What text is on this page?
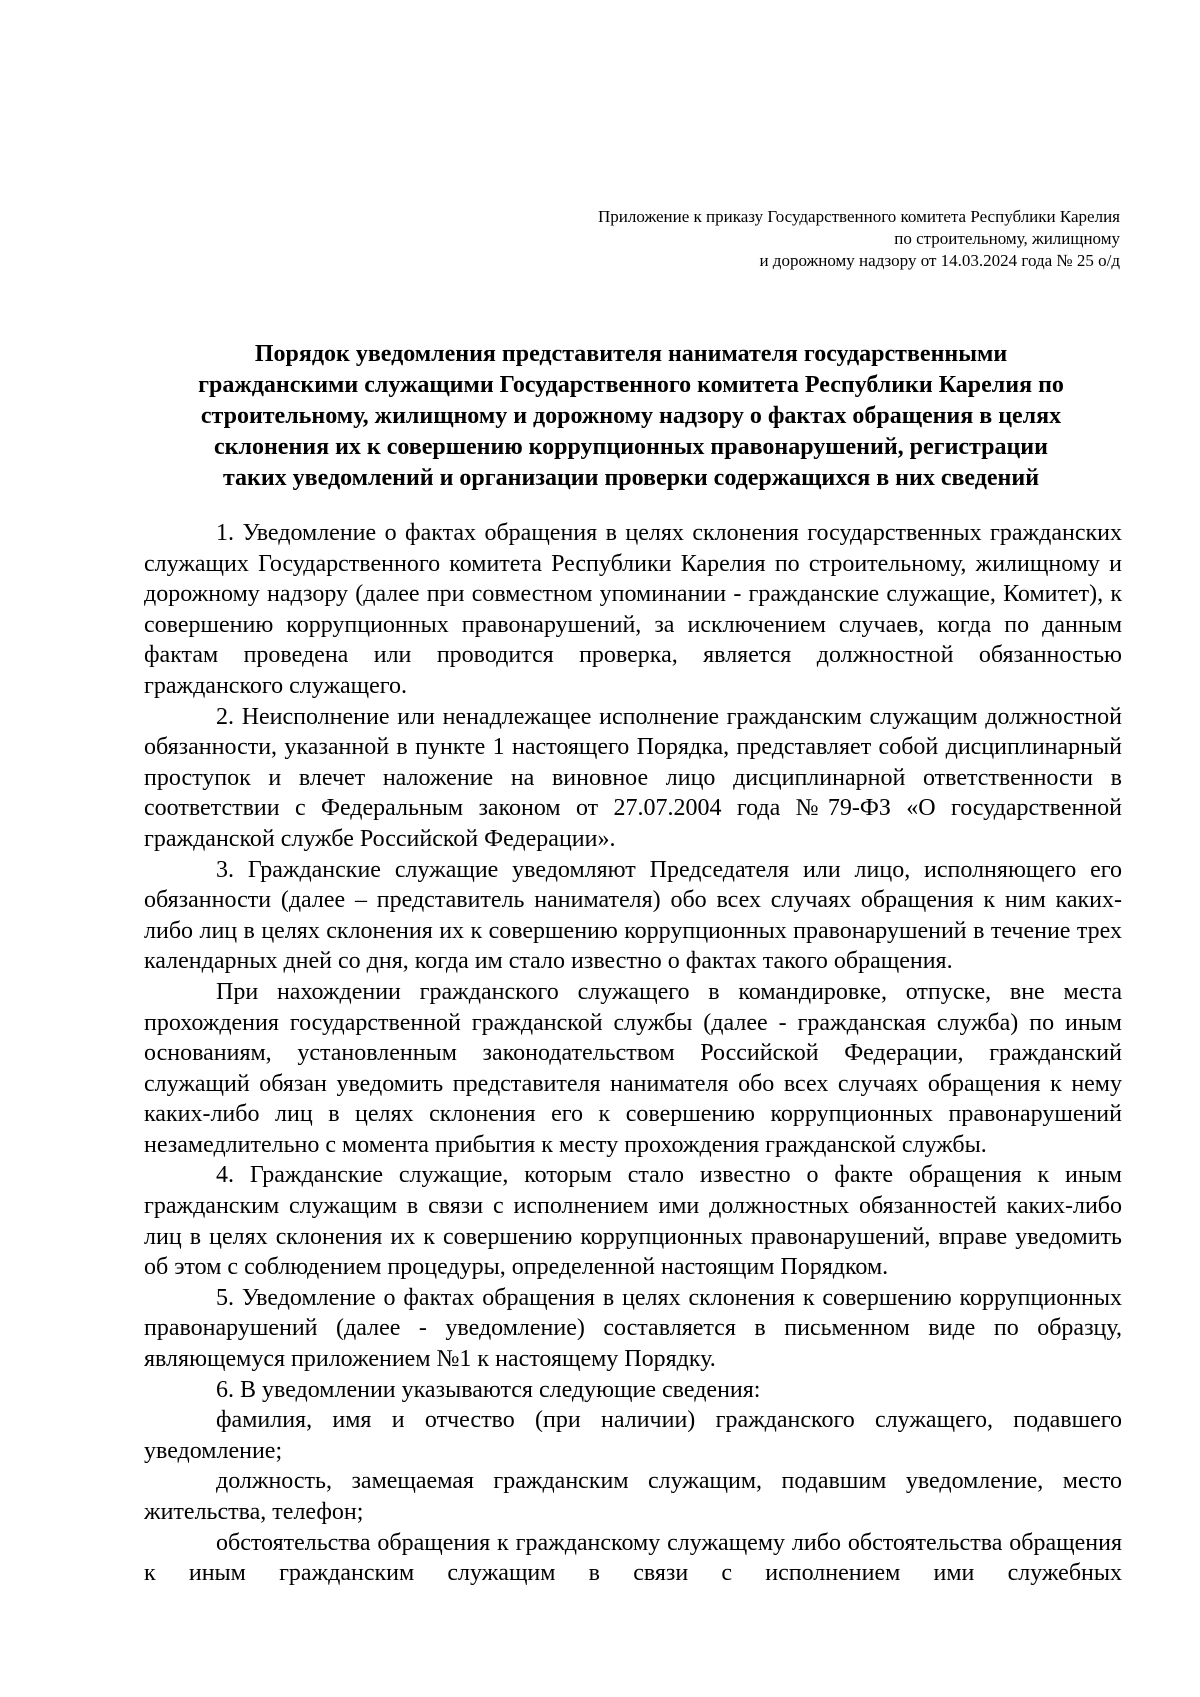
Приложение к приказу Государственного комитета Республики Карелия
по строительному, жилищному
и дорожному надзору от 14.03.2024 года № 25 о/д
Порядок уведомления представителя нанимателя государственными
гражданскими служащими Государственного комитета Республики Карелия по
строительному, жилищному и дорожному надзору о фактах обращения в целях
склонения их к совершению коррупционных правонарушений, регистрации
таких уведомлений и организации проверки содержащихся в них сведений

1. Уведомление о фактах обращения в целях склонения государственных гражданских служащих Государственного комитета Республики Карелия по строительному, жилищному и дорожному надзору (далее при совместном упоминании - гражданские служащие, Комитет), к совершению коррупционных правонарушений, за исключением случаев, когда по данным фактам проведена или проводится проверка, является должностной обязанностью гражданского служащего.

2. Неисполнение или ненадлежащее исполнение гражданским служащим должностной обязанности, указанной в пункте 1 настоящего Порядка, представляет собой дисциплинарный проступок и влечет наложение на виновное лицо дисциплинарной ответственности в соответствии с Федеральным законом от 27.07.2004 года №79-ФЗ «О государственной гражданской службе Российской Федерации».

3. Гражданские служащие уведомляют Председателя или лицо, исполняющего его обязанности (далее – представитель нанимателя) обо всех случаях обращения к ним каких-либо лиц в целях склонения их к совершению коррупционных правонарушений в течение трех календарных дней со дня, когда им стало известно о фактах такого обращения.

При нахождении гражданского служащего в командировке, отпуске, вне места прохождения государственной гражданской службы (далее - гражданская служба) по иным основаниям, установленным законодательством Российской Федерации, гражданский служащий обязан уведомить представителя нанимателя обо всех случаях обращения к нему каких-либо лиц в целях склонения его к совершению коррупционных правонарушений незамедлительно с момента прибытия к месту прохождения гражданской службы.

4. Гражданские служащие, которым стало известно о факте обращения к иным гражданским служащим в связи с исполнением ими должностных обязанностей каких-либо лиц в целях склонения их к совершению коррупционных правонарушений, вправе уведомить об этом с соблюдением процедуры, определенной настоящим Порядком.

5. Уведомление о фактах обращения в целях склонения к совершению коррупционных правонарушений (далее - уведомление) составляется в письменном виде по образцу, являющемуся приложением №1 к настоящему Порядку.

6. В уведомлении указываются следующие сведения:

фамилия, имя и отчество (при наличии) гражданского служащего, подавшего уведомление;

должность, замещаемая гражданским служащим, подавшим уведомление, место жительства, телефон;

обстоятельства обращения к гражданскому служащему либо обстоятельства обращения к иным гражданским служащим в связи с исполнением ими служебных
